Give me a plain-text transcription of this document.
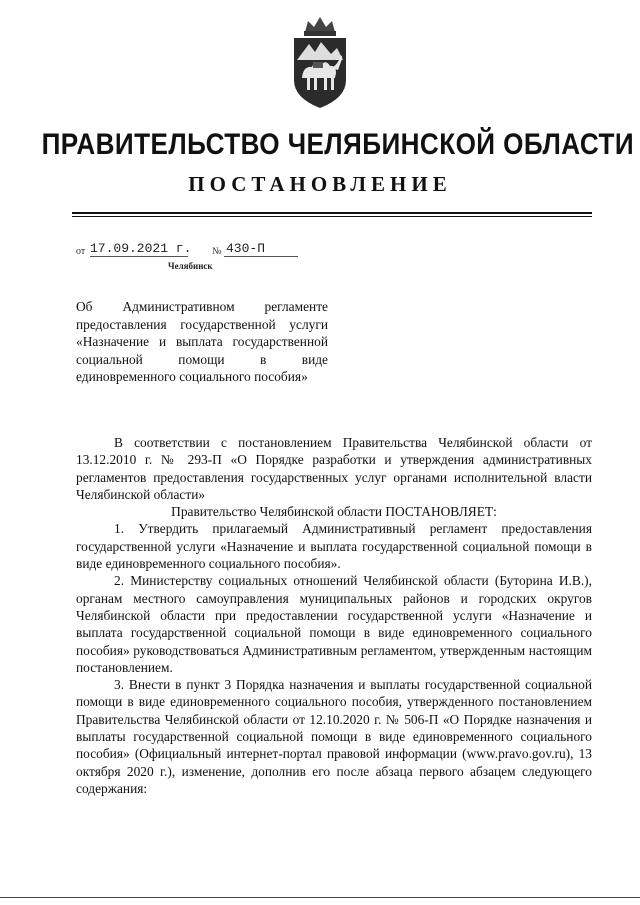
ПРАВИТЕЛЬСТВО ЧЕЛЯБИНСКОЙ ОБЛАСТИ
ПОСТАНОВЛЕНИЕ
от 17.09.2021 г. № 430-П
Челябинск
Об Административном регламенте предоставления государственной услуги «Назначение и выплата государственной социальной помощи в виде единовременного социального пособия»

В соответствии с постановлением Правительства Челябинской области от 13.12.2010 г. № 293-П «О Порядке разработки и утверждения административных регламентов предоставления государственных услуг органами исполнительной власти Челябинской области»

Правительство Челябинской области ПОСТАНОВЛЯЕТ:

1. Утвердить прилагаемый Административный регламент предоставления государственной услуги «Назначение и выплата государственной социальной помощи в виде единовременного социального пособия».

2. Министерству социальных отношений Челябинской области (Буторина И.В.), органам местного самоуправления муниципальных районов и городских округов Челябинской области при предоставлении государственной услуги «Назначение и выплата государственной социальной помощи в виде единовременного социального пособия» руководствоваться Административным регламентом, утвержденным настоящим постановлением.

3. Внести в пункт 3 Порядка назначения и выплаты государственной социальной помощи в виде единовременного социального пособия, утвержденного постановлением Правительства Челябинской области от 12.10.2020 г. № 506-П «О Порядке назначения и выплаты государственной социальной помощи в виде единовременного социального пособия» (Официальный интернет-портал правовой информации (www.pravo.gov.ru), 13 октября 2020 г.), изменение, дополнив его после абзаца первого абзацем следующего содержания:
